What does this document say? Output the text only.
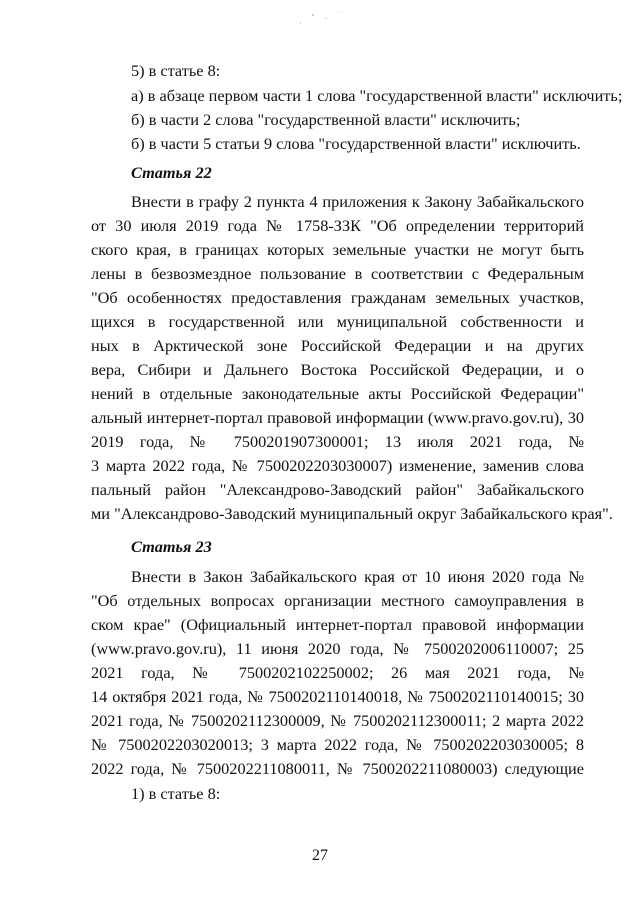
5) в статье 8:
а) в абзаце первом части 1 слова "государственной власти" исключить;
б) в части 2 слова "государственной власти" исключить;
б) в части 5 статьи 9 слова "государственной власти" исключить.
Статья 22
Внести в графу 2 пункта 4 приложения к Закону Забайкальского
от 30 июля 2019 года № 1758-ЗЗК "Об определении территорий
ского края, в границах которых земельные участки не могут быть
лены в безвозмездное пользование в соответствии с Федеральным
"Об особенностях предоставления гражданам земельных участков,
щихся в государственной или муниципальной собственности и
ных в Арктической зоне Российской Федерации и на других
вера, Сибири и Дальнего Востока Российской Федерации, и о
нений в отдельные законодательные акты Российской Федерации"
альный интернет-портал правовой информации (www.pravo.gov.ru), 30
2019 года, № 7500201907300001; 13 июля 2021 года, №
3 марта 2022 года, № 7500202203030007) изменение, заменив слова
пальный район "Александрово-Заводский район" Забайкальского
ми "Александрово-Заводский муниципальный округ Забайкальского края".
Статья 23
Внести в Закон Забайкальского края от 10 июня 2020 года №
"Об отдельных вопросах организации местного самоуправления в
ском крае" (Официальный интернет-портал правовой информации
(www.pravo.gov.ru), 11 июня 2020 года, № 7500202006110007; 25
2021 года, № 7500202102250002; 26 мая 2021 года, №
14 октября 2021 года, № 7500202110140018, № 7500202110140015; 30
2021 года, № 7500202112300009, № 7500202112300011; 2 марта 2022
№ 7500202203020013; 3 марта 2022 года, № 7500202203030005; 8
2022 года, № 7500202211080011, № 7500202211080003) следующие
1) в статье 8:
27
